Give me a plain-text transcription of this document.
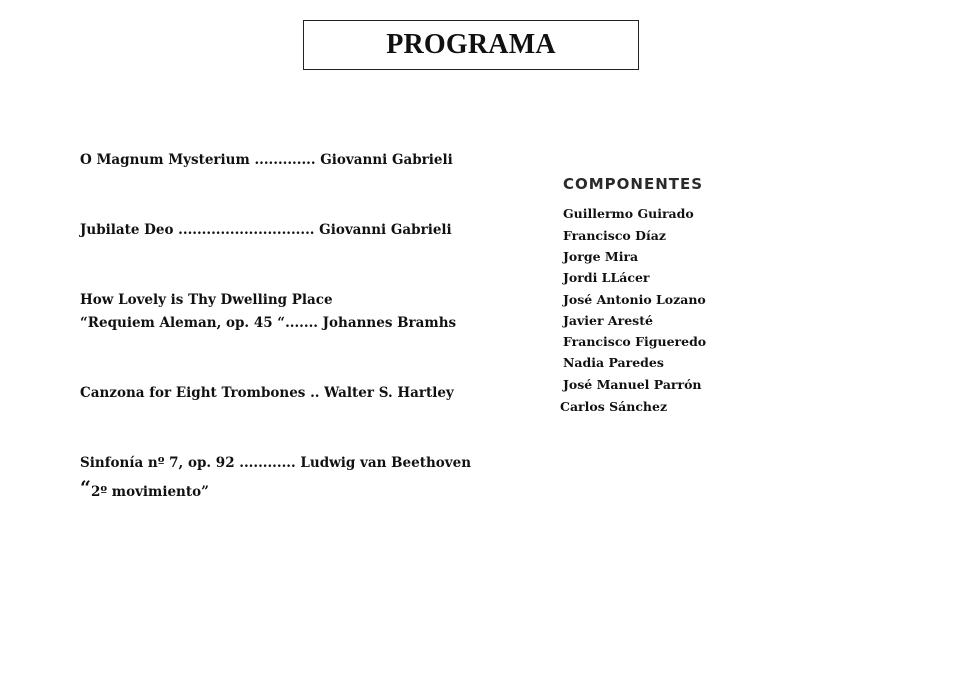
PROGRAMA
O Magnum Mysterium ............. Giovanni Gabrieli
Jubilate Deo ............................. Giovanni Gabrieli
How Lovely is Thy Dwelling Place
“Requiem Aleman, op. 45 “....... Johannes Bramhs
Canzona for Eight Trombones .. Walter S. Hartley
Sinfonía nº 7, op. 92 ............ Ludwig van Beethoven
“2º movimiento”
COMPONENTES
Guillermo Guirado
Francisco Díaz
Jorge Mira
Jordi LLácer
José Antonio Lozano
Javier Aresté
Francisco Figueredo
Nadia Paredes
José Manuel Parrón
Carlos Sánchez
